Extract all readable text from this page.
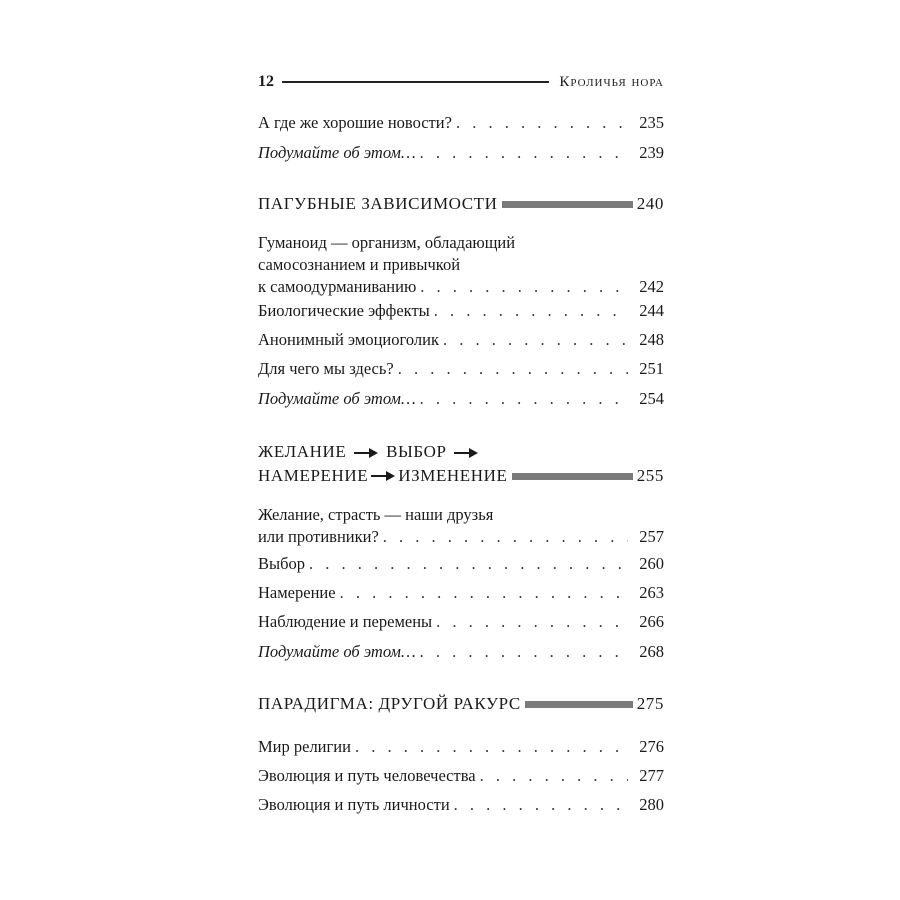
12	Кроличья нора
А где же хорошие новости? . . .	235
Подумайте об этом… . . .	239
ПАГУБНЫЕ ЗАВИСИМОСТИ	240
Гуманоид — организм, обладающий
самосознанием и привычкой
к самоодурманиванию . . .	242
Биологические эффекты . . .	244
Анонимный эмоциоголик . . .	248
Для чего мы здесь? . . .	251
Подумайте об этом… . . .	254
ЖЕЛАНИЕ ВЫБОР
НАМЕРЕНИЕ ИЗМЕНЕНИЕ	255
Желание, страсть — наши друзья
или противники? . . .	257
Выбор . . .	260
Намерение . . .	263
Наблюдение и перемены . . .	266
Подумайте об этом… . . .	268
ПАРАДИГМА: ДРУГОЙ РАКУРС	275
Мир религии . . .	276
Эволюция и путь человечества . . .	277
Эволюция и путь личности . . .	280
